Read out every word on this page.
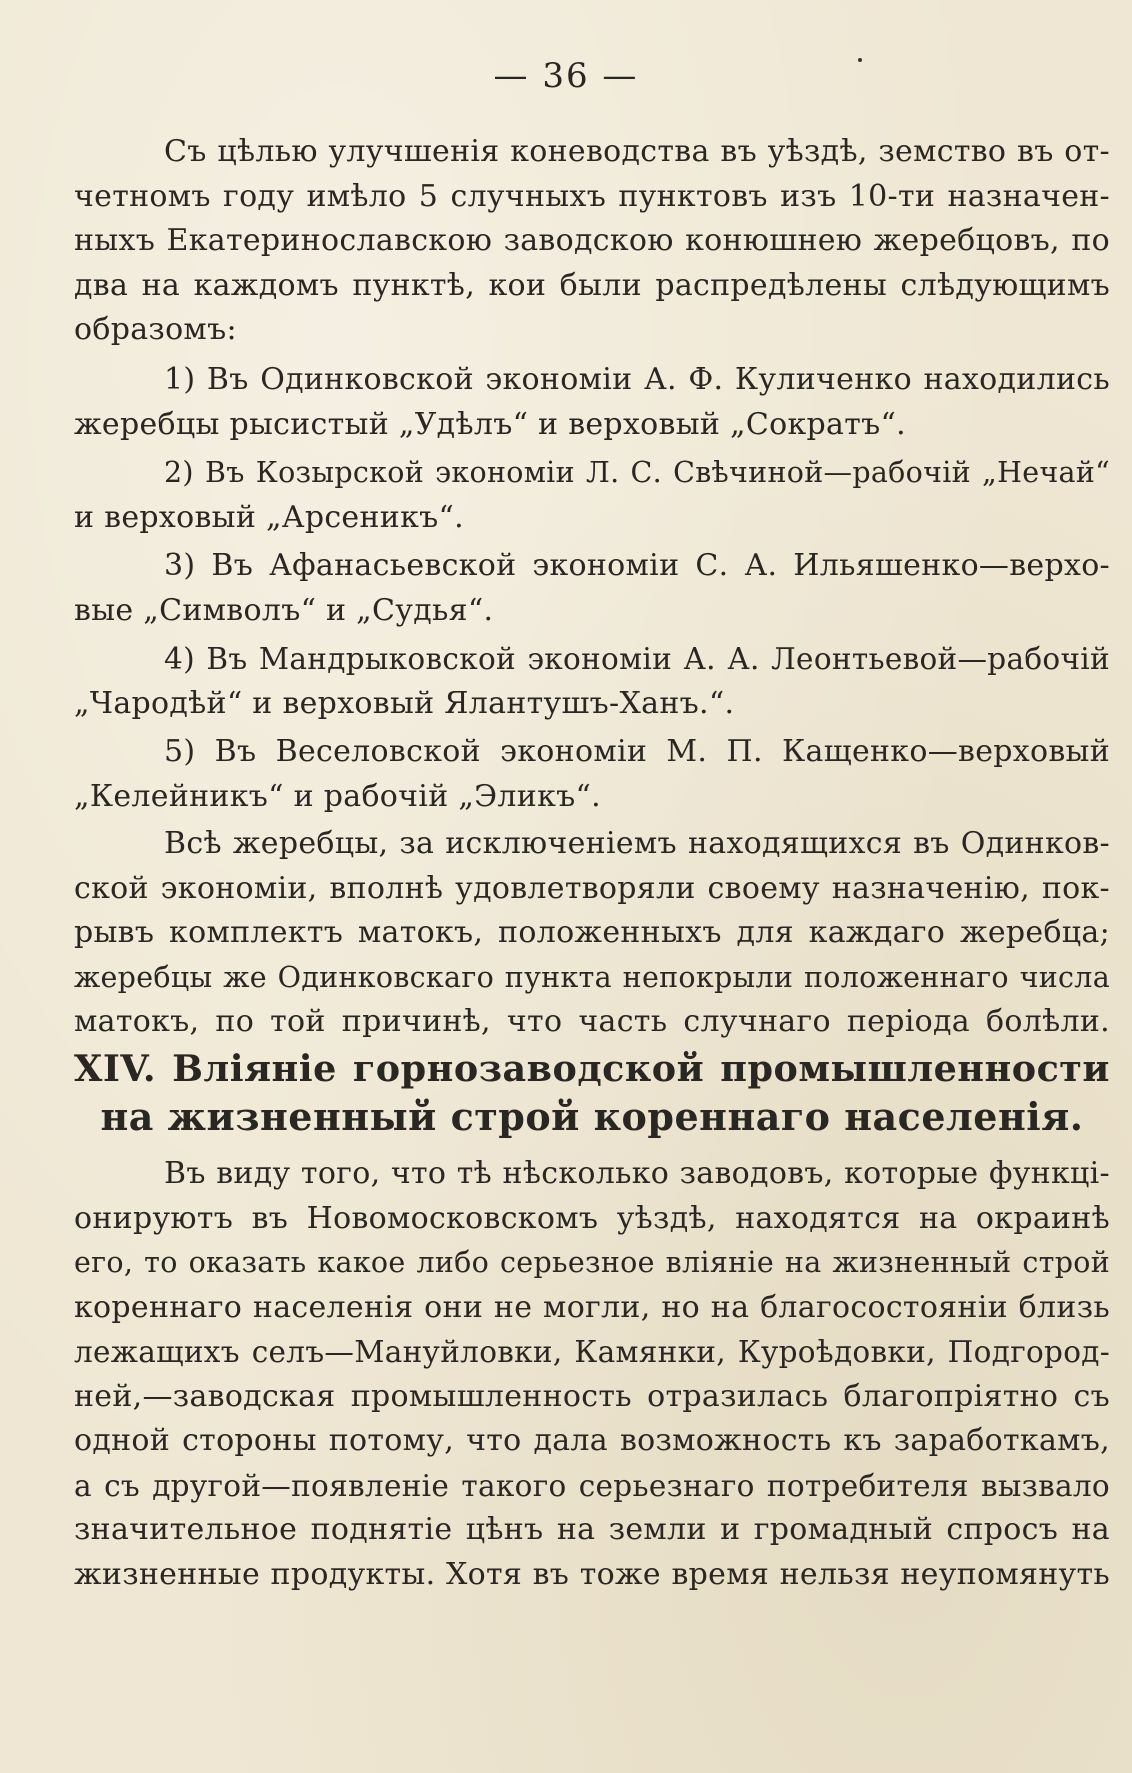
— 36 —
Съ цѣлью улучшенія коневодства въ уѣздѣ, земство въ от-
четномъ году имѣло 5 случныхъ пунктовъ изъ 10-ти назначен-
ныхъ Екатеринославскою заводскою конюшнею жеребцовъ, по
два на каждомъ пунктѣ, кои были распредѣлены слѣдующимъ
образомъ:
1) Въ Одинковской экономіи А. Ф. Куличенко находились
жеребцы рысистый „Удѣлъ“ и верховый „Сократъ“.
2) Въ Козырской экономіи Л. С. Свѣчиной—рабочій „Нечай“
и верховый „Арсеникъ“.
3) Въ Афанасьевской экономіи С. А. Ильяшенко—верхо-
вые „Символъ“ и „Судья“.
4) Въ Мандрыковской экономіи А. А. Леонтьевой—рабочій
„Чародѣй“ и верховый Ялантушъ-Ханъ.“.
5) Въ Веселовской экономіи М. П. Кащенко—верховый
„Келейникъ“ и рабочій „Эликъ“.
Всѣ жеребцы, за исключеніемъ находящихся въ Одинков-
ской экономіи, вполнѣ удовлетворяли своему назначенію, пок-
рывъ комплектъ матокъ, положенныхъ для каждаго жеребца;
жеребцы же Одинковскаго пункта непокрыли положеннаго числа
матокъ, по той причинѣ, что часть случнаго періода болѣли.
XIV. Вліяніе горнозаводской промышленности
на жизненный строй кореннаго населенія.
Въ виду того, что тѣ нѣсколько заводовъ, которые функці-
онируютъ въ Новомосковскомъ уѣздѣ, находятся на окраинѣ
его, то оказать какое либо серьезное вліяніе на жизненный строй
кореннаго населенія они не могли, но на благосостояніи близь
лежащихъ селъ—Мануйловки, Камянки, Куроѣдовки, Подгород-
ней,—заводская промышленность отразилась благопріятно съ
одной стороны потому, что дала возможность къ заработкамъ,
а съ другой—появленіе такого серьезнаго потребителя вызвало
значительное поднятіе цѣнъ на земли и громадный спросъ на
жизненные продукты. Хотя въ тоже время нельзя неупомянуть
